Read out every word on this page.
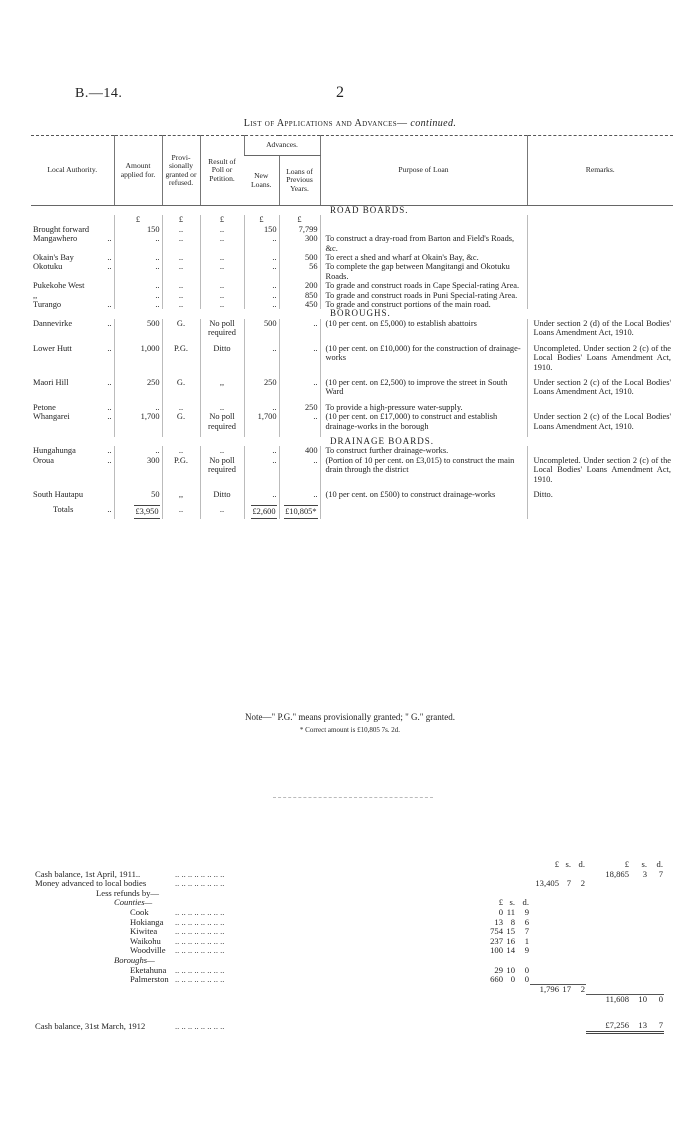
B.—14.	2
List of Applications and Advances— continued.
Local Authority.	Amount applied for.	Provi-sionally granted or refused.	Result of Poll or Petition.	Advances.		Purpose of Loan	Remarks.
				New Loans.	Loans of Previous Years.		
						ROAD BOARDS.	
	£	£	£	£	£		
Brought forward	150	..	..	150	7,799		
Mangawhero ..	..	..	..	..	300	To construct a dray-road from Barton and Field's Roads, &c.	
Okain's Bay ..	..	..	..	..	500	To erect a shed and wharf at Okain's Bay, &c.	
Okotuku ..	..	..	..	..	56	To complete the gap between Mangitangi and Okotuku Roads.	
Pukekohe West	..	..	..	..	200	To grade and construct roads in Cape Special-rating Area.	
,,	..	..	..	..	850	To grade and construct roads in Puni Special-rating Area.	
Turango ..	..	..	..	..	450	To grade and construct portions of the main road.	
						BOROUGHS.	
Dannevirke ..	500	G.	No poll required	500	..	(10 per cent. on £5,000) to establish abattoirs	Under section 2 (d) of the Local Bodies' Loans Amendment Act, 1910.

Lower Hutt ..	1,000	P.G.	Ditto	..	..	(10 per cent. on £10,000) for the construction of drainage-works	Uncompleted. Under section 2 (c) of the Local Bodies' Loans Amendment Act, 1910.

Maori Hill ..	250	G.	,,	250	..	(10 per cent. on £2,500) to improve the street in South Ward	Under section 2 (c) of the Local Bodies' Loans Amendment Act, 1910.

Petone ..	..	..	..	..	250	To provide a high-pressure water-supply.	
Whangarei ..	1,700	G.	No poll required	1,700	..	(10 per cent. on £17,000) to construct and establish drainage-works in the borough	Under section 2 (c) of the Local Bodies' Loans Amendment Act, 1910.

						DRAINAGE BOARDS.	
Hungahunga ..	..	..	..	..	400	To construct further drainage-works.	
Oroua ..	300	P.G.	No poll required	..	..	(Portion of 10 per cent. on £3,015) to construct the main drain through the district	Uncompleted. Under section 2 (c) of the Local Bodies' Loans Amendment Act, 1910.

South Hautapu	50	,,	Ditto	..	..	(10 per cent. on £500) to construct drainage-works	Ditto.

Totals ..	£3,950	..	..	£2,600	£10,805*		
Note—" P.G." means provisionally granted; " G." granted.
* Correct amount is £10,805 7s. 2d.
					£	s.	d.	£	s.	d.
Cash balance, 1st April, 1911..	.. .. .. .. .. .. .. ..							18,865	3	7
Money advanced to local bodies	.. .. .. .. .. .. .. ..				13,405	7	2			
Less refunds by—										
Counties—		£	s.	d.						
Cook	.. .. .. .. .. .. .. ..	0	11	9						
Hokianga	.. .. .. .. .. .. .. ..	13	8	6						
Kiwitea	.. .. .. .. .. .. .. ..	754	15	7						
Waikohu	.. .. .. .. .. .. .. ..	237	16	1						
Woodville	.. .. .. .. .. .. .. ..	100	14	9						
Boroughs—										
Eketahuna	.. .. .. .. .. .. .. ..	29	10	0						
Palmerston	.. .. .. .. .. .. .. ..	660	0	0						
					1,796	17	2			
								11,608	10	0

Cash balance, 31st March, 1912	.. .. .. .. .. .. .. ..							£7,256	13	7
